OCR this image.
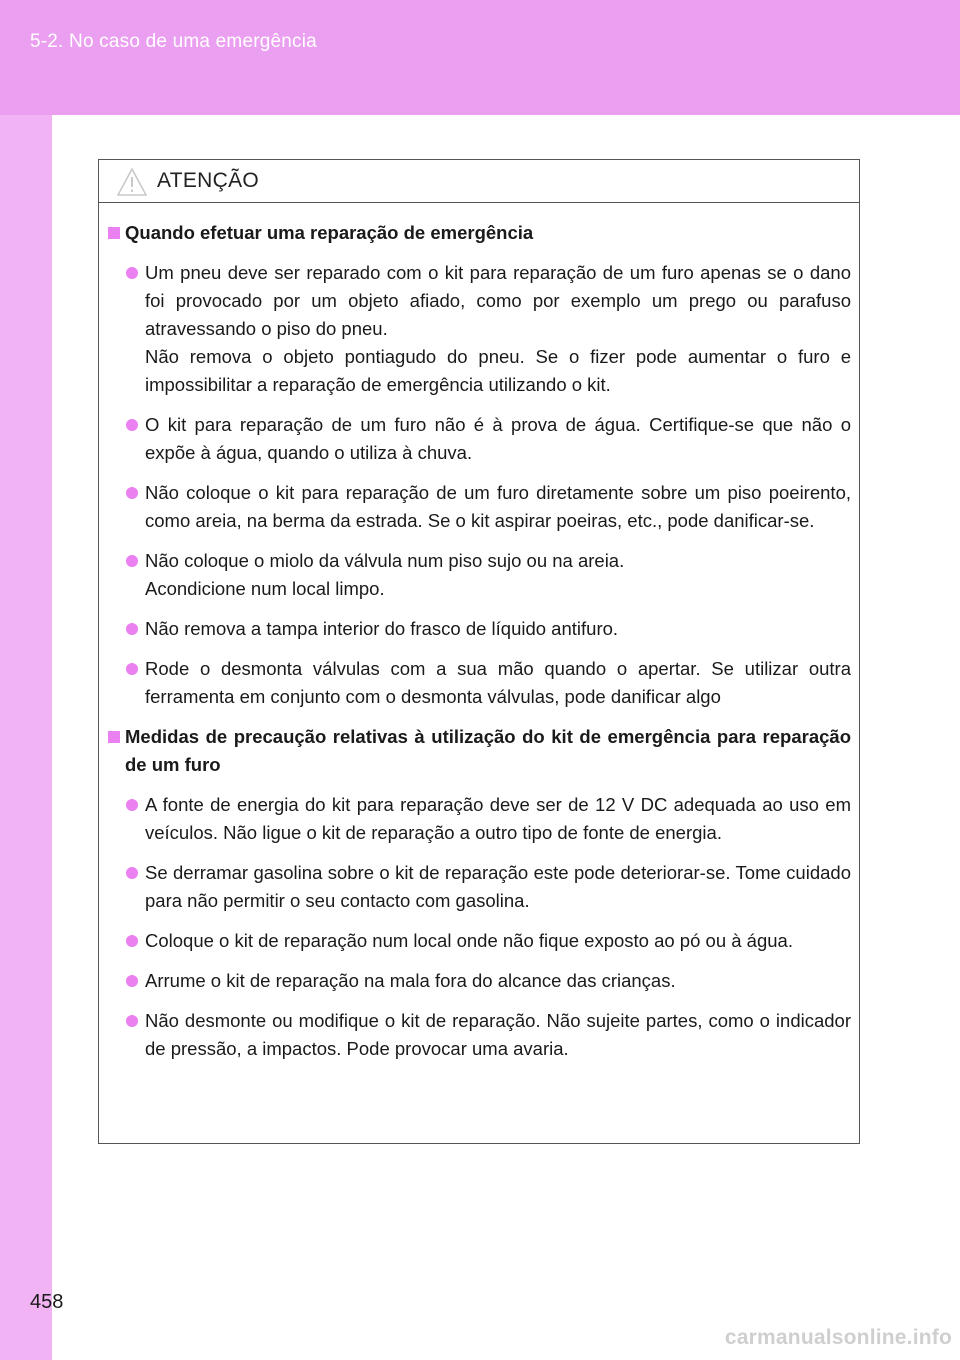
5-2. No caso de uma emergência
ATENÇÃO
Quando efetuar uma reparação de emergência
Um pneu deve ser reparado com o kit para reparação de um furo apenas se o dano foi provocado por um objeto afiado, como por exemplo um prego ou parafuso atravessando o piso do pneu.
Não remova o objeto pontiagudo do pneu. Se o fizer pode aumentar o furo e impossibilitar a reparação de emergência utilizando o kit.
O kit para reparação de um furo não é à prova de água. Certifique-se que não o expõe à água, quando o utiliza à chuva.
Não coloque o kit para reparação de um furo diretamente sobre um piso poeirento, como areia, na berma da estrada. Se o kit aspirar poeiras, etc., pode danificar-se.
Não coloque o miolo da válvula num piso sujo ou na areia.
Acondicione num local limpo.
Não remova a tampa interior do frasco de líquido antifuro.
Rode o desmonta válvulas com a sua mão quando o apertar. Se utilizar outra ferramenta em conjunto com o desmonta válvulas, pode danificar algo
Medidas de precaução relativas à utilização do kit de emergência para reparação de um furo
A fonte de energia do kit para reparação deve ser de 12 V DC adequada ao uso em veículos. Não ligue o kit de reparação a outro tipo de fonte de energia.
Se derramar gasolina sobre o kit de reparação este pode deteriorar-se. Tome cuidado para não permitir o seu contacto com gasolina.
Coloque o kit de reparação num local onde não fique exposto ao pó ou à água.
Arrume o kit de reparação na mala fora do alcance das crianças.
Não desmonte ou modifique o kit de reparação. Não sujeite partes, como o indicador de pressão, a impactos. Pode provocar uma avaria.
458
carmanualsonline.info
